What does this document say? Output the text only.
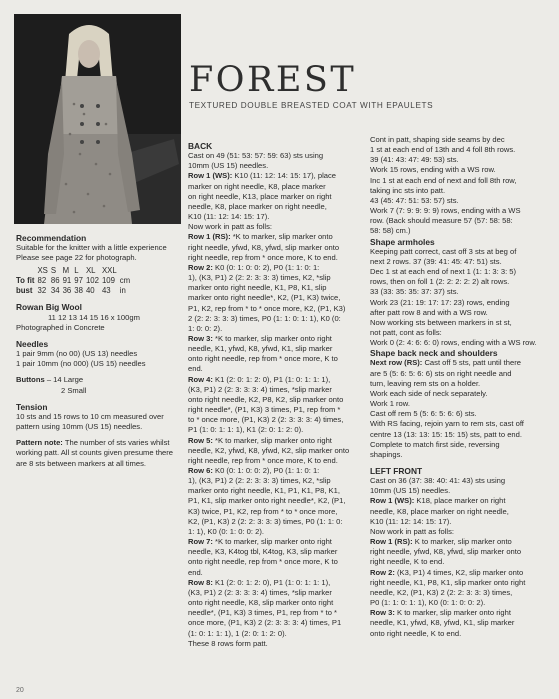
FOREST
TEXTURED DOUBLE BREASTED COAT WITH EPAULETS

Recommendation

Suitable for the knitter with a little experience

Please see page 22 for photograph.

	XS	S	M	L	XL	XXL	
To fit	82	86	91	97	102	109	cm
bust	32	34	36	38	40	43	in

Rowan Big Wool

11 12 13 14 15 16 x 100gm

Photographed in Concrete

Needles

1 pair 9mm (no 00) (US 13) needles

1 pair 10mm (no 000) (US 15) needles

Buttons – 14 Large

2 Small

Tension

10 sts and 15 rows to 10 cm measured over

pattern using 10mm (US 15) needles.

Pattern note: The number of sts varies whilst

working patt. All st counts given presume there

are 8 sts between markers at all times.

BACK

Cast on 49 (51: 53: 57: 59: 63) sts using

10mm (US 15) needles.

Row 1 (WS): K10 (11: 12: 14: 15: 17), place

marker on right needle, K8, place marker

on right needle, K13, place marker on right

needle, K8, place marker on right needle,

K10 (11: 12: 14: 15: 17).

Now work in patt as folls:

Row 1 (RS): *K to marker, slip marker onto

right needle, yfwd, K8, yfwd, slip marker onto

right needle, rep from * once more, K to end.

Row 2: K0 (0: 1: 0: 0: 2), P0 (1: 1: 0: 1:

1), (K3, P1) 2 (2: 2: 3: 3: 3) times, K2, *slip

marker onto right needle, K1, P8, K1, slip

marker onto right needle*, K2, (P1, K3) twice,

P1, K2, rep from * to * once more, K2, (P1, K3)

2 (2: 2: 3: 3: 3) times, P0 (1: 1: 0: 1: 1), K0 (0:

1: 0: 0: 2).

Row 3: *K to marker, slip marker onto right

needle, K1, yfwd, K8, yfwd, K1, slip marker

onto right needle, rep from * once more, K to

end.

Row 4: K1 (2: 0: 1: 2: 0), P1 (1: 0: 1: 1: 1),

(K3, P1) 2 (2: 3: 3: 3: 4) times, *slip marker

onto right needle, K2, P8, K2, slip marker onto

right needle*, (P1, K3) 3 times, P1, rep from *

to * once more, (P1, K3) 2 (2: 3: 3: 3: 4) times,

P1 (1: 0: 1: 1: 1), K1 (2: 0: 1: 2: 0).

Row 5: *K to marker, slip marker onto right

needle, K2, yfwd, K8, yfwd, K2, slip marker onto

right needle, rep from * once more, K to end.

Row 6: K0 (0: 1: 0: 0: 2), P0 (1: 1: 0: 1:

1), (K3, P1) 2 (2: 2: 3: 3: 3) times, K2, *slip

marker onto right needle, K1, P1, K1, P8, K1,

P1, K1, slip marker onto right needle*, K2, (P1,

K3) twice, P1, K2, rep from * to * once more,

K2, (P1, K3) 2 (2: 2: 3: 3: 3) times, P0 (1: 1: 0:

1: 1), K0 (0: 1: 0: 0: 2).

Row 7: *K to marker, slip marker onto right

needle, K3, K4tog tbl, K4tog, K3, slip marker

onto right needle, rep from * once more, K to

end.

Row 8: K1 (2: 0: 1: 2: 0), P1 (1: 0: 1: 1: 1),

(K3, P1) 2 (2: 3: 3: 3: 4) times, *slip marker

onto right needle, K8, slip marker onto right

needle*, (P1, K3) 3 times, P1, rep from * to *

once more, (P1, K3) 2 (2: 3: 3: 3: 4) times, P1

(1: 0: 1: 1: 1), 1 (2: 0: 1: 2: 0).

These 8 rows form patt.

Cont in patt, shaping side seams by dec

1 st at each end of 13th and 4 foll 8th rows.

39 (41: 43: 47: 49: 53) sts.

Work 15 rows, ending with a WS row.

Inc 1 st at each end of next and foll 8th row,

taking inc sts into patt.

43 (45: 47: 51: 53: 57) sts.

Work 7 (7: 9: 9: 9: 9) rows, ending with a WS

row. (Back should measure 57 (57: 58: 58:

58: 58) cm.)

Shape armholes

Keeping patt correct, cast off 3 sts at beg of

next 2 rows. 37 (39: 41: 45: 47: 51) sts.

Dec 1 st at each end of next 1 (1: 1: 3: 3: 5)

rows, then on foll 1 (2: 2: 2: 2: 2) alt rows.

33 (33: 35: 35: 37: 37) sts.

Work 23 (21: 19: 17: 17: 23) rows, ending

after patt row 8 and with a WS row.

Now working sts between markers in st st,

not patt, cont as folls:

Work 0 (2: 4: 6: 6: 0) rows, ending with a WS row.

Shape back neck and shoulders

Next row (RS): Cast off 5 sts, patt until there

are 5 (5: 6: 5: 6: 6) sts on right needle and

turn, leaving rem sts on a holder.

Work each side of neck separately.

Work 1 row.

Cast off rem 5 (5: 6: 5: 6: 6) sts.

With RS facing, rejoin yarn to rem sts, cast off

centre 13 (13: 13: 15: 15: 15) sts, patt to end.

Complete to match first side, reversing

shapings.

LEFT FRONT

Cast on 36 (37: 38: 40: 41: 43) sts using

10mm (US 15) needles.

Row 1 (WS): K18, place marker on right

needle, K8, place marker on right needle,

K10 (11: 12: 14: 15: 17).

Now work in patt as folls:

Row 1 (RS): K to marker, slip marker onto

right needle, yfwd, K8, yfwd, slip marker onto

right needle, K to end.

Row 2: (K3, P1) 4 times, K2, slip marker onto

right needle, K1, P8, K1, slip marker onto right

needle, K2, (P1, K3) 2 (2: 2: 3: 3: 3) times,

P0 (1: 1: 0: 1: 1), K0 (0: 1: 0: 0: 2).

Row 3: K to marker, slip marker onto right

needle, K1, yfwd, K8, yfwd, K1, slip marker

onto right needle, K to end.

20
